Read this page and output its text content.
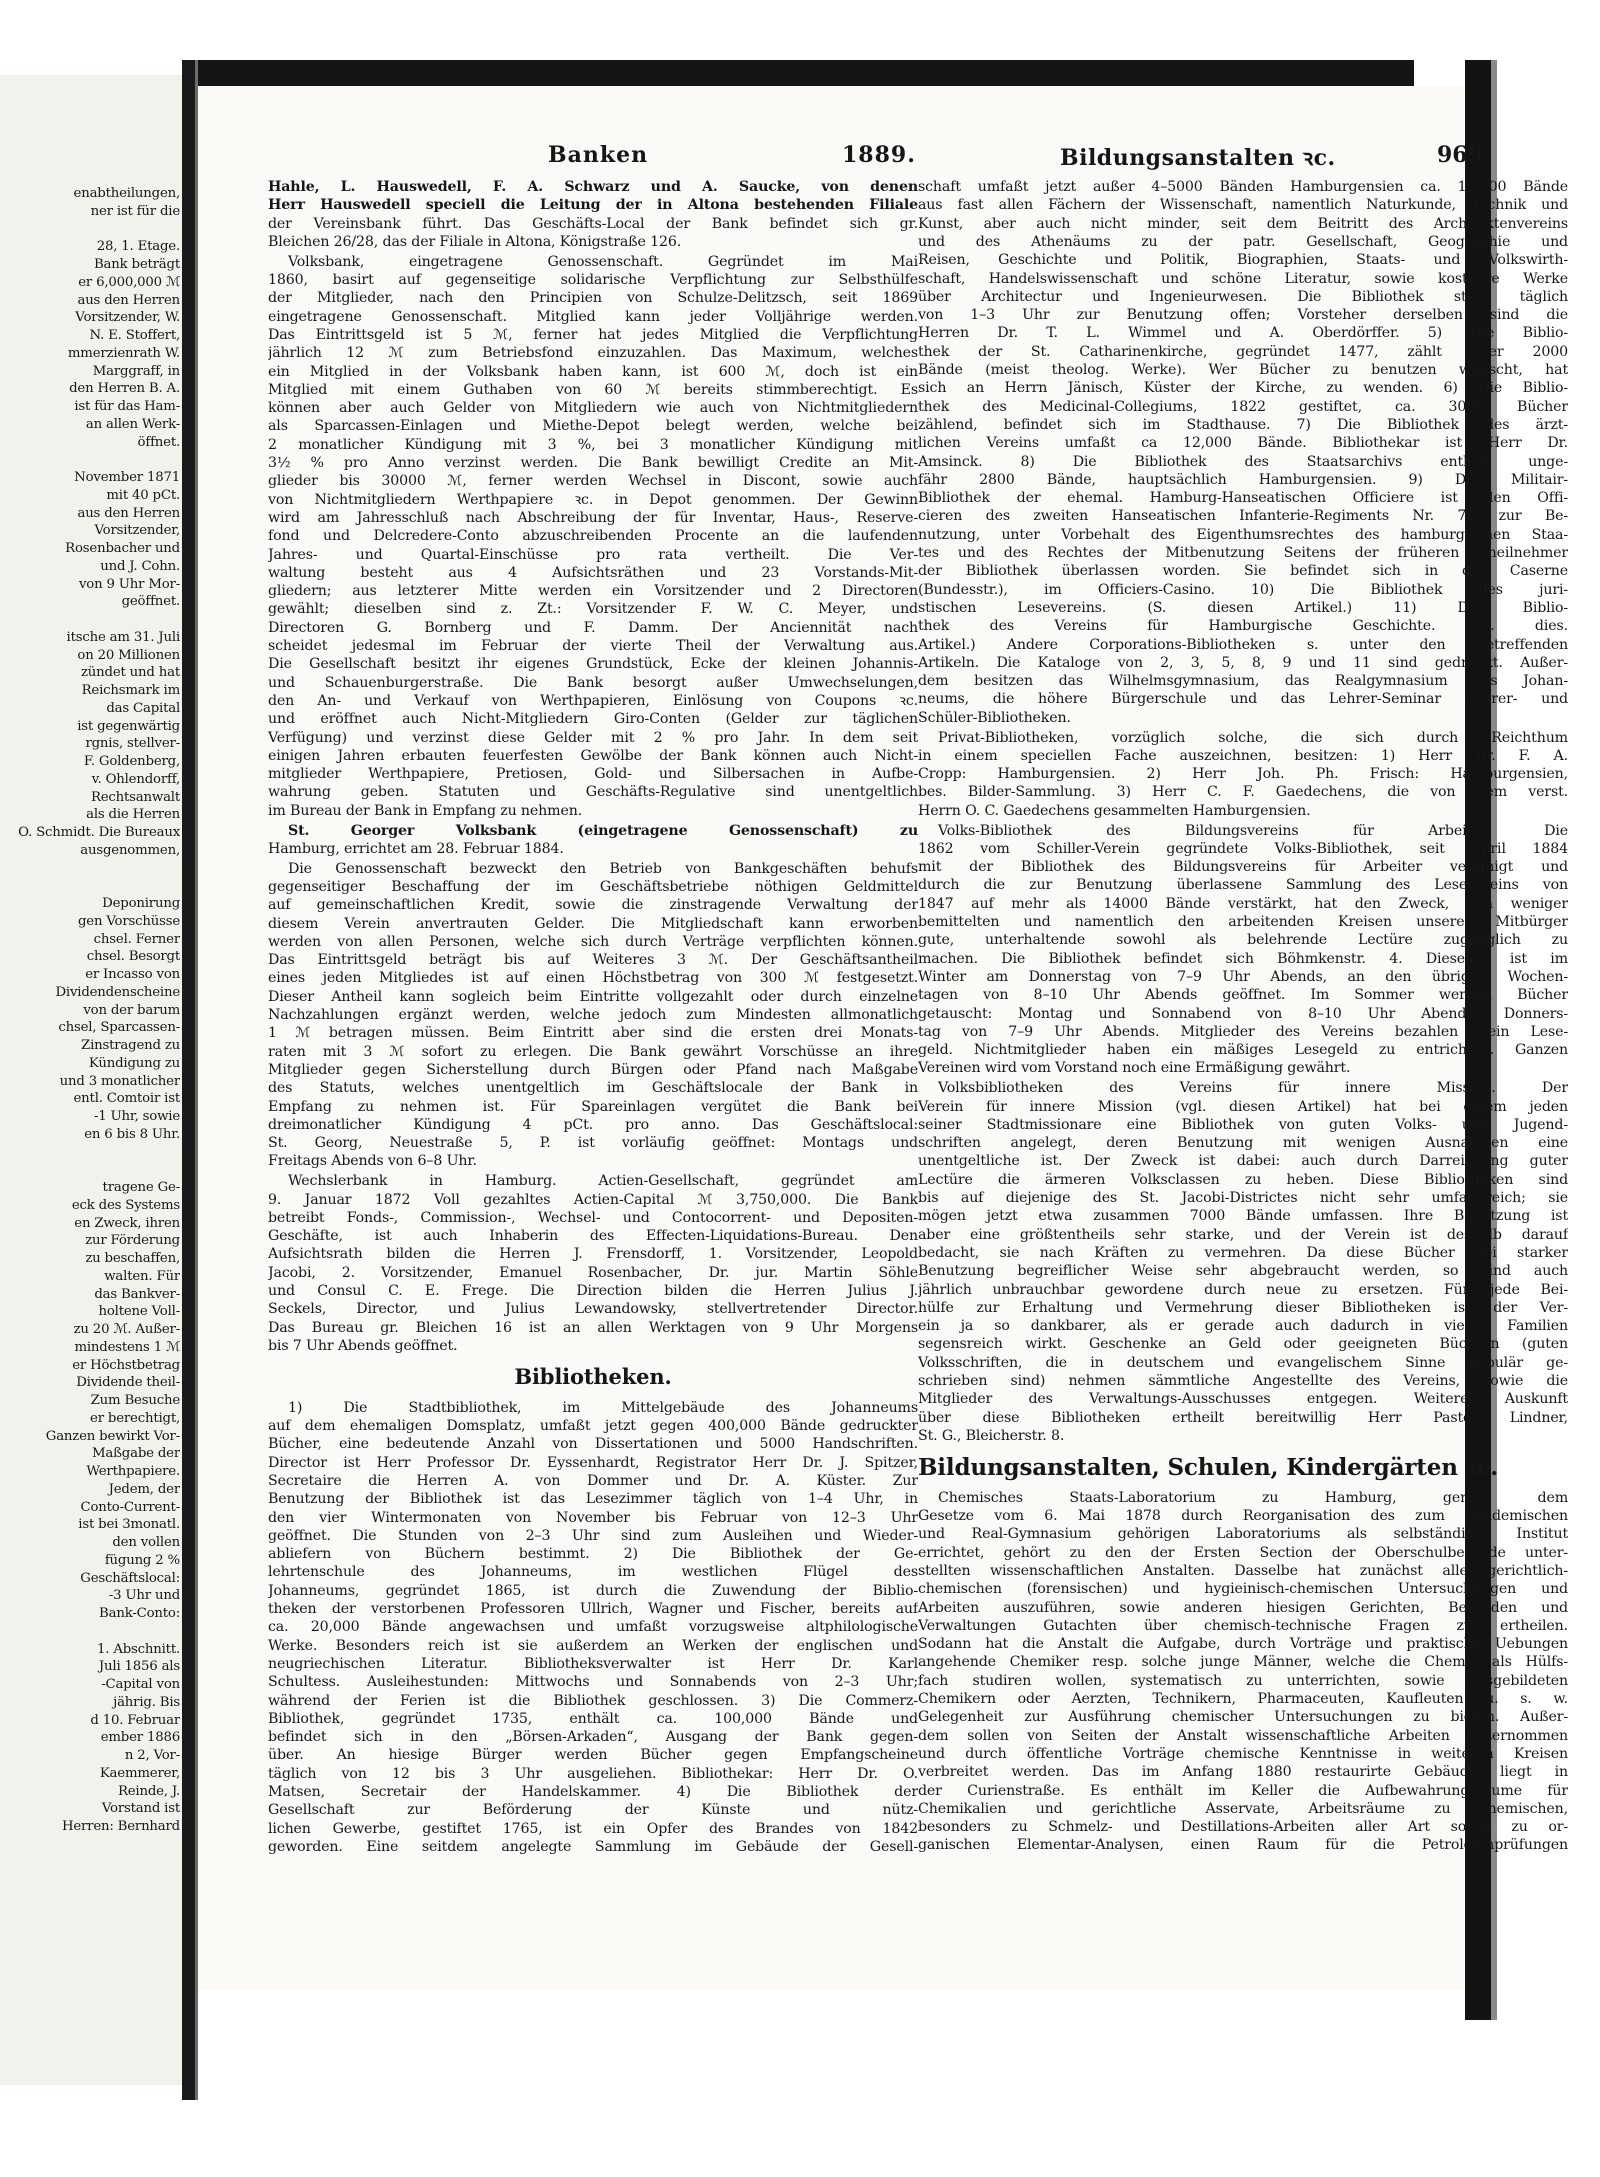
enabtheilungen,
ner ist für die
28, 1. Etage.
Bank beträgt
er 6,000,000 ℳ
aus den Herren
Vorsitzender, W.
N. E. Stoffert,
mmerzienrath W.
Marggraff, in
den Herren B. A.
ist für das Ham-
an allen Werk-
öffnet.
November 1871
mit 40 pCt.
aus den Herren
Vorsitzender,
Rosenbacher und
und J. Cohn.
von 9 Uhr Mor-
geöffnet.
itsche am 31. Juli
on 20 Millionen
zündet und hat
Reichsmark im
das Capital
ist gegenwärtig
rgnis, stellver-
F. Goldenberg,
v. Ohlendorff,
Rechtsanwalt
als die Herren
O. Schmidt. Die Bureaux
ausgenommen,
Deponirung
gen Vorschüsse
chsel. Ferner
chsel. Besorgt
er Incasso von
Dividendenscheine
von der barum
chsel, Sparcassen-
Zinstragend zu
Kündigung zu
und 3 monatlicher
entl. Comtoir ist
-1 Uhr, sowie
en 6 bis 8 Uhr.
tragene Ge-
eck des Systems
en Zweck, ihren
zur Förderung
zu beschaffen,
walten. Für
das Bankver-
holtene Voll-
zu 20 ℳ. Außer-
mindestens 1 ℳ
er Höchstbetrag
Dividende theil-
Zum Besuche
er berechtigt,
Ganzen bewirkt Vor-
Maßgabe der
Werthpapiere.
Jedem, der
Conto-Current-
ist bei 3monatl.
den vollen
fügung 2 %
Geschäftslocal:
-3 Uhr und
Bank-Conto:
1. Abschnitt.
Juli 1856 als
-Capital von
jährig. Bis
d 10. Februar
ember 1886
n 2, Vor-
Kaemmerer,
Reinde, J.
Vorstand ist
Herren: Bernhard
Banken	1889.	Bildungsanstalten ꝛc.	969
Hahle, L. Hauswedell, F. A. Schwarz und A. Saucke, von denen
Herr Hauswedell speciell die Leitung der in Altona bestehenden Filiale
der Vereinsbank führt. Das Geschäfts-Local der Bank befindet sich gr.
Bleichen 26/28, das der Filiale in Altona, Königstraße 126.
Volksbank, eingetragene Genossenschaft. Gegründet im Mai
1860, basirt auf gegenseitige solidarische Verpflichtung zur Selbsthülfe
der Mitglieder, nach den Principien von Schulze-Delitzsch, seit 1869
eingetragene Genossenschaft. Mitglied kann jeder Volljährige werden.
Das Eintrittsgeld ist 5 ℳ, ferner hat jedes Mitglied die Verpflichtung
jährlich 12 ℳ zum Betriebsfond einzuzahlen. Das Maximum, welches
ein Mitglied in der Volksbank haben kann, ist 600 ℳ, doch ist ein
Mitglied mit einem Guthaben von 60 ℳ bereits stimmberechtigt. Es
können aber auch Gelder von Mitgliedern wie auch von Nichtmitgliedern
als Sparcassen-Einlagen und Miethe-Depot belegt werden, welche bei
2 monatlicher Kündigung mit 3 %, bei 3 monatlicher Kündigung mit
3½ % pro Anno verzinst werden. Die Bank bewilligt Credite an Mit-
glieder bis 30000 ℳ, ferner werden Wechsel in Discont, sowie auch
von Nichtmitgliedern Werthpapiere ꝛc. in Depot genommen. Der Gewinn
wird am Jahresschluß nach Abschreibung der für Inventar, Haus-, Reserve-
fond und Delcredere-Conto abzuschreibenden Procente an die laufenden
Jahres- und Quartal-Einschüsse pro rata vertheilt. Die Ver-
waltung besteht aus 4 Aufsichtsräthen und 23 Vorstands-Mit-
gliedern; aus letzterer Mitte werden ein Vorsitzender und 2 Directoren
gewählt; dieselben sind z. Zt.: Vorsitzender F. W. C. Meyer, und
Directoren G. Bornberg und F. Damm. Der Anciennität nach
scheidet jedesmal im Februar der vierte Theil der Verwaltung aus.
Die Gesellschaft besitzt ihr eigenes Grundstück, Ecke der kleinen Johannis-
und Schauenburgerstraße. Die Bank besorgt außer Umwechselungen,
den An- und Verkauf von Werthpapieren, Einlösung von Coupons ꝛc.
und eröffnet auch Nicht-Mitgliedern Giro-Conten (Gelder zur täglichen
Verfügung) und verzinst diese Gelder mit 2 % pro Jahr. In dem seit
einigen Jahren erbauten feuerfesten Gewölbe der Bank können auch Nicht-
mitglieder Werthpapiere, Pretiosen, Gold- und Silbersachen in Aufbe-
wahrung geben. Statuten und Geschäfts-Regulative sind unentgeltlich
im Bureau der Bank in Empfang zu nehmen.
St. Georger Volksbank (eingetragene Genossenschaft) zu
Hamburg, errichtet am 28. Februar 1884.
Die Genossenschaft bezweckt den Betrieb von Bankgeschäften behufs
gegenseitiger Beschaffung der im Geschäftsbetriebe nöthigen Geldmittel
auf gemeinschaftlichen Kredit, sowie die zinstragende Verwaltung der
diesem Verein anvertrauten Gelder. Die Mitgliedschaft kann erworben
werden von allen Personen, welche sich durch Verträge verpflichten können.
Das Eintrittsgeld beträgt bis auf Weiteres 3 ℳ. Der Geschäftsantheil
eines jeden Mitgliedes ist auf einen Höchstbetrag von 300 ℳ festgesetzt.
Dieser Antheil kann sogleich beim Eintritte vollgezahlt oder durch einzelne
Nachzahlungen ergänzt werden, welche jedoch zum Mindesten allmonatlich
1 ℳ betragen müssen. Beim Eintritt aber sind die ersten drei Monats-
raten mit 3 ℳ sofort zu erlegen. Die Bank gewährt Vorschüsse an ihre
Mitglieder gegen Sicherstellung durch Bürgen oder Pfand nach Maßgabe
des Statuts, welches unentgeltlich im Geschäftslocale der Bank in
Empfang zu nehmen ist. Für Spareinlagen vergütet die Bank bei
dreimonatlicher Kündigung 4 pCt. pro anno. Das Geschäftslocal:
St. Georg, Neuestraße 5, P. ist vorläufig geöffnet: Montags und
Freitags Abends von 6–8 Uhr.
Wechslerbank in Hamburg. Actien-Gesellschaft, gegründet am
9. Januar 1872 Voll gezahltes Actien-Capital ℳ 3,750,000. Die Bank
betreibt Fonds-, Commission-, Wechsel- und Contocorrent- und Depositen-
Geschäfte, ist auch Inhaberin des Effecten-Liquidations-Bureau. Den
Aufsichtsrath bilden die Herren J. Frensdorff, 1. Vorsitzender, Leopold
Jacobi, 2. Vorsitzender, Emanuel Rosenbacher, Dr. jur. Martin Söhle
und Consul C. E. Frege. Die Direction bilden die Herren Julius J.
Seckels, Director, und Julius Lewandowsky, stellvertretender Director.
Das Bureau gr. Bleichen 16 ist an allen Werktagen von 9 Uhr Morgens
bis 7 Uhr Abends geöffnet.
Bibliotheken.
1) Die Stadtbibliothek, im Mittelgebäude des Johanneums
auf dem ehemaligen Domsplatz, umfaßt jetzt gegen 400,000 Bände gedruckter
Bücher, eine bedeutende Anzahl von Dissertationen und 5000 Handschriften.
Director ist Herr Professor Dr. Eyssenhardt, Registrator Herr Dr. J. Spitzer,
Secretaire die Herren A. von Dommer und Dr. A. Küster. Zur
Benutzung der Bibliothek ist das Lesezimmer täglich von 1–4 Uhr, in
den vier Wintermonaten von November bis Februar von 12–3 Uhr
geöffnet. Die Stunden von 2–3 Uhr sind zum Ausleihen und Wieder-
abliefern von Büchern bestimmt. 2) Die Bibliothek der Ge-
lehrtenschule des Johanneums, im westlichen Flügel des
Johanneums, gegründet 1865, ist durch die Zuwendung der Biblio-
theken der verstorbenen Professoren Ullrich, Wagner und Fischer, bereits auf
ca. 20,000 Bände angewachsen und umfaßt vorzugsweise altphilologische
Werke. Besonders reich ist sie außerdem an Werken der englischen und
neugriechischen Literatur. Bibliotheksverwalter ist Herr Dr. Karl
Schultess. Ausleihestunden: Mittwochs und Sonnabends von 2–3 Uhr;
während der Ferien ist die Bibliothek geschlossen. 3) Die Commerz-
Bibliothek, gegründet 1735, enthält ca. 100,000 Bände und
befindet sich in den „Börsen-Arkaden“, Ausgang der Bank gegen-
über. An hiesige Bürger werden Bücher gegen Empfangscheine
täglich von 12 bis 3 Uhr ausgeliehen. Bibliothekar: Herr Dr. O.
Matsen, Secretair der Handelskammer. 4) Die Bibliothek der
Gesellschaft zur Beförderung der Künste und nütz-
lichen Gewerbe, gestiftet 1765, ist ein Opfer des Brandes von 1842
geworden. Eine seitdem angelegte Sammlung im Gebäude der Gesell-
schaft umfaßt jetzt außer 4–5000 Bänden Hamburgensien ca. 15,000 Bände
aus fast allen Fächern der Wissenschaft, namentlich Naturkunde, Technik und
Kunst, aber auch nicht minder, seit dem Beitritt des Architektenvereins
und des Athenäums zu der patr. Gesellschaft, Geographie und
Reisen, Geschichte und Politik, Biographien, Staats- und Volkswirth-
schaft, Handelswissenschaft und schöne Literatur, sowie kostbare Werke
über Architectur und Ingenieurwesen. Die Bibliothek steht täglich
von 1–3 Uhr zur Benutzung offen; Vorsteher derselben sind die
Herren Dr. T. L. Wimmel und A. Oberdörffer. 5) Die Biblio-
thek der St. Catharinenkirche, gegründet 1477, zählt über 2000
Bände (meist theolog. Werke). Wer Bücher zu benutzen wünscht, hat
sich an Herrn Jänisch, Küster der Kirche, zu wenden. 6) Die Biblio-
thek des Medicinal-Collegiums, 1822 gestiftet, ca. 3000 Bücher
zählend, befindet sich im Stadthause. 7) Die Bibliothek des ärzt-
lichen Vereins umfaßt ca 12,000 Bände. Bibliothekar ist Herr Dr.
Amsinck. 8) Die Bibliothek des Staatsarchivs enthält unge-
fähr 2800 Bände, hauptsächlich Hamburgensien. 9) Die Militair-
Bibliothek der ehemal. Hamburg-Hanseatischen Officiere ist den Offi-
cieren des zweiten Hanseatischen Infanterie-Regiments Nr. 76 zur Be-
nutzung, unter Vorbehalt des Eigenthumsrechtes des hamburgischen Staa-
tes und des Rechtes der Mitbenutzung Seitens der früheren Theilnehmer
der Bibliothek überlassen worden. Sie befindet sich in der Caserne
(Bundesstr.), im Officiers-Casino. 10) Die Bibliothek des juri-
stischen Lesevereins. (S. diesen Artikel.) 11) Die Biblio-
thek des Vereins für Hamburgische Geschichte. (S. dies.
Artikel.) Andere Corporations-Bibliotheken s. unter den betreffenden
Artikeln. Die Kataloge von 2, 3, 5, 8, 9 und 11 sind gedruckt. Außer-
dem besitzen das Wilhelmsgymnasium, das Realgymnasium des Johan-
neums, die höhere Bürgerschule und das Lehrer-Seminar Lehrer- und
Schüler-Bibliotheken.
Privat-Bibliotheken, vorzüglich solche, die sich durch Reichthum
in einem speciellen Fache auszeichnen, besitzen: 1) Herr Dr. F. A.
Cropp: Hamburgensien. 2) Herr Joh. Ph. Frisch: Hamburgensien,
bes. Bilder-Sammlung. 3) Herr C. F. Gaedechens, die von dem verst.
Herrn O. C. Gaedechens gesammelten Hamburgensien.
Volks-Bibliothek des Bildungsvereins für Arbeiter. Die
1862 vom Schiller-Verein gegründete Volks-Bibliothek, seit April 1884
mit der Bibliothek des Bildungsvereins für Arbeiter vereinigt und
durch die zur Benutzung überlassene Sammlung des Lesevereins von
1847 auf mehr als 14000 Bände verstärkt, hat den Zweck, den weniger
bemittelten und namentlich den arbeitenden Kreisen unserer Mitbürger
gute, unterhaltende sowohl als belehrende Lectüre zugänglich zu
machen. Die Bibliothek befindet sich Böhmkenstr. 4. Dieselbe ist im
Winter am Donnerstag von 7–9 Uhr Abends, an den übrigen Wochen-
tagen von 8–10 Uhr Abends geöffnet. Im Sommer werden Bücher
getauscht: Montag und Sonnabend von 8–10 Uhr Abends, Donners-
tag von 7–9 Uhr Abends. Mitglieder des Vereins bezahlen kein Lese-
geld. Nichtmitglieder haben ein mäßiges Lesegeld zu entrichten. Ganzen
Vereinen wird vom Vorstand noch eine Ermäßigung gewährt.
Volksbibliotheken des Vereins für innere Mission. Der
Verein für innere Mission (vgl. diesen Artikel) hat bei einem jeden
seiner Stadtmissionare eine Bibliothek von guten Volks- und Jugend-
schriften angelegt, deren Benutzung mit wenigen Ausnahmen eine
unentgeltliche ist. Der Zweck ist dabei: auch durch Darreichung guter
Lectüre die ärmeren Volksclassen zu heben. Diese Bibliotheken sind
bis auf diejenige des St. Jacobi-Districtes nicht sehr umfangreich; sie
mögen jetzt etwa zusammen 7000 Bände umfassen. Ihre Benutzung ist
aber eine größtentheils sehr starke, und der Verein ist deshalb darauf
bedacht, sie nach Kräften zu vermehren. Da diese Bücher bei starker
Benutzung begreiflicher Weise sehr abgebraucht werden, so sind auch
jährlich unbrauchbar gewordene durch neue zu ersetzen. Für jede Bei-
hülfe zur Erhaltung und Vermehrung dieser Bibliotheken ist der Ver-
ein ja so dankbarer, als er gerade auch dadurch in vielen Familien
segensreich wirkt. Geschenke an Geld oder geeigneten Büchern (guten
Volksschriften, die in deutschem und evangelischem Sinne populär ge-
schrieben sind) nehmen sämmtliche Angestellte des Vereins, sowie die
Mitglieder des Verwaltungs-Ausschusses entgegen. Weitere Auskunft
über diese Bibliotheken ertheilt bereitwillig Herr Pastor Lindner,
St. G., Bleicherstr. 8.
Bildungsanstalten, Schulen, Kindergärten ꝛc.
Chemisches Staats-Laboratorium zu Hamburg, gemäß dem
Gesetze vom 6. Mai 1878 durch Reorganisation des zum Akademischen
und Real-Gymnasium gehörigen Laboratoriums als selbständiges Institut
errichtet, gehört zu den der Ersten Section der Oberschulbehörde unter-
stellten wissenschaftlichen Anstalten. Dasselbe hat zunächst alle gerichtlich-
chemischen (forensischen) und hygieinisch-chemischen Untersuchungen und
Arbeiten auszuführen, sowie anderen hiesigen Gerichten, Behörden und
Verwaltungen Gutachten über chemisch-technische Fragen zu ertheilen.
Sodann hat die Anstalt die Aufgabe, durch Vorträge und praktische Uebungen
angehende Chemiker resp. solche junge Männer, welche die Chemie als Hülfs-
fach studiren wollen, systematisch zu unterrichten, sowie ausgebildeten
Chemikern oder Aerzten, Technikern, Pharmaceuten, Kaufleuten u. s. w.
Gelegenheit zur Ausführung chemischer Untersuchungen zu bieten. Außer-
dem sollen von Seiten der Anstalt wissenschaftliche Arbeiten unternommen
und durch öffentliche Vorträge chemische Kenntnisse in weiteren Kreisen
verbreitet werden. Das im Anfang 1880 restaurirte Gebäude liegt in
der Curienstraße. Es enthält im Keller die Aufbewahrungsräume für
Chemikalien und gerichtliche Asservate, Arbeitsräume zu chemischen,
besonders zu Schmelz- und Destillations-Arbeiten aller Art sowie zu or-
ganischen Elementar-Analysen, einen Raum für die Petroleumprüfungen
